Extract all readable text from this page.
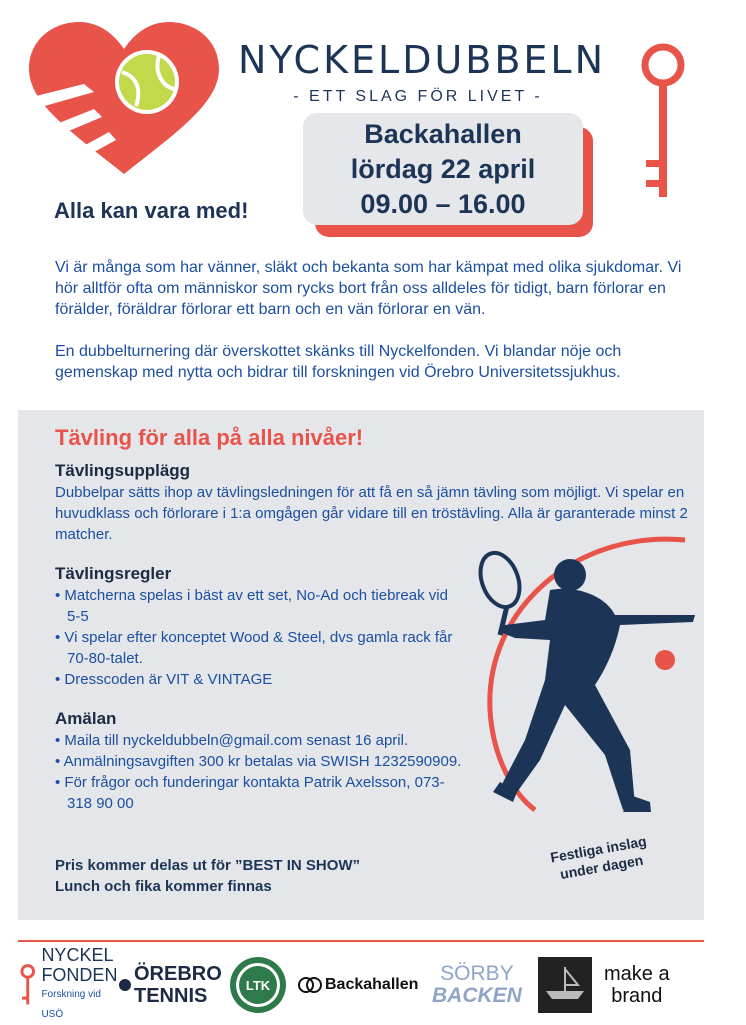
NYCKELDUBBELN
- ETT SLAG FÖR LIVET -
Backahallen
lördag 22 april
09.00 – 16.00
Alla kan vara med!

Vi är många som har vänner, släkt och bekanta som har kämpat med olika sjukdomar. Vi hör alltför ofta om människor som rycks bort från oss alldeles för tidigt, barn förlorar en förälder, föräldrar förlorar ett barn och en vän förlorar en vän.

En dubbelturnering där överskottet skänks till Nyckelfonden. Vi blandar nöje och gemenskap med nytta och bidrar till forskningen vid Örebro Universitetssjukhus.

Tävling för alla på alla nivåer!
Tävlingsupplägg
Dubbelpar sätts ihop av tävlingsledningen för att få en så jämn tävling som möjligt. Vi spelar en huvudklass och förlorare i 1:a omgågen går vidare till en tröstävling. Alla är garanterade minst 2 matcher.
Tävlingsregler
• Matcherna spelas i bäst av ett set, No-Ad och tiebreak vid 5-5
• Vi spelar efter konceptet Wood & Steel, dvs gamla rack får 70-80-talet.
• Dresscoden är VIT & VINTAGE
Amälan
• Maila till nyckeldubbeln@gmail.com senast 16 april.
• Anmälningsavgiften 300 kr betalas via SWISH 1232590909.
• För frågor och funderingar kontakta Patrik Axelsson, 073-318 90 00
Pris kommer delas ut för ”BEST IN SHOW”
Lunch och fika kommer finnas
Festliga inslag under dagen
NYCKEL
FONDEN
Forskning vid USÖ
ÖREBRO
TENNIS	LTK	Backahallen	SÖRBY
BACKEN
make a
brand
